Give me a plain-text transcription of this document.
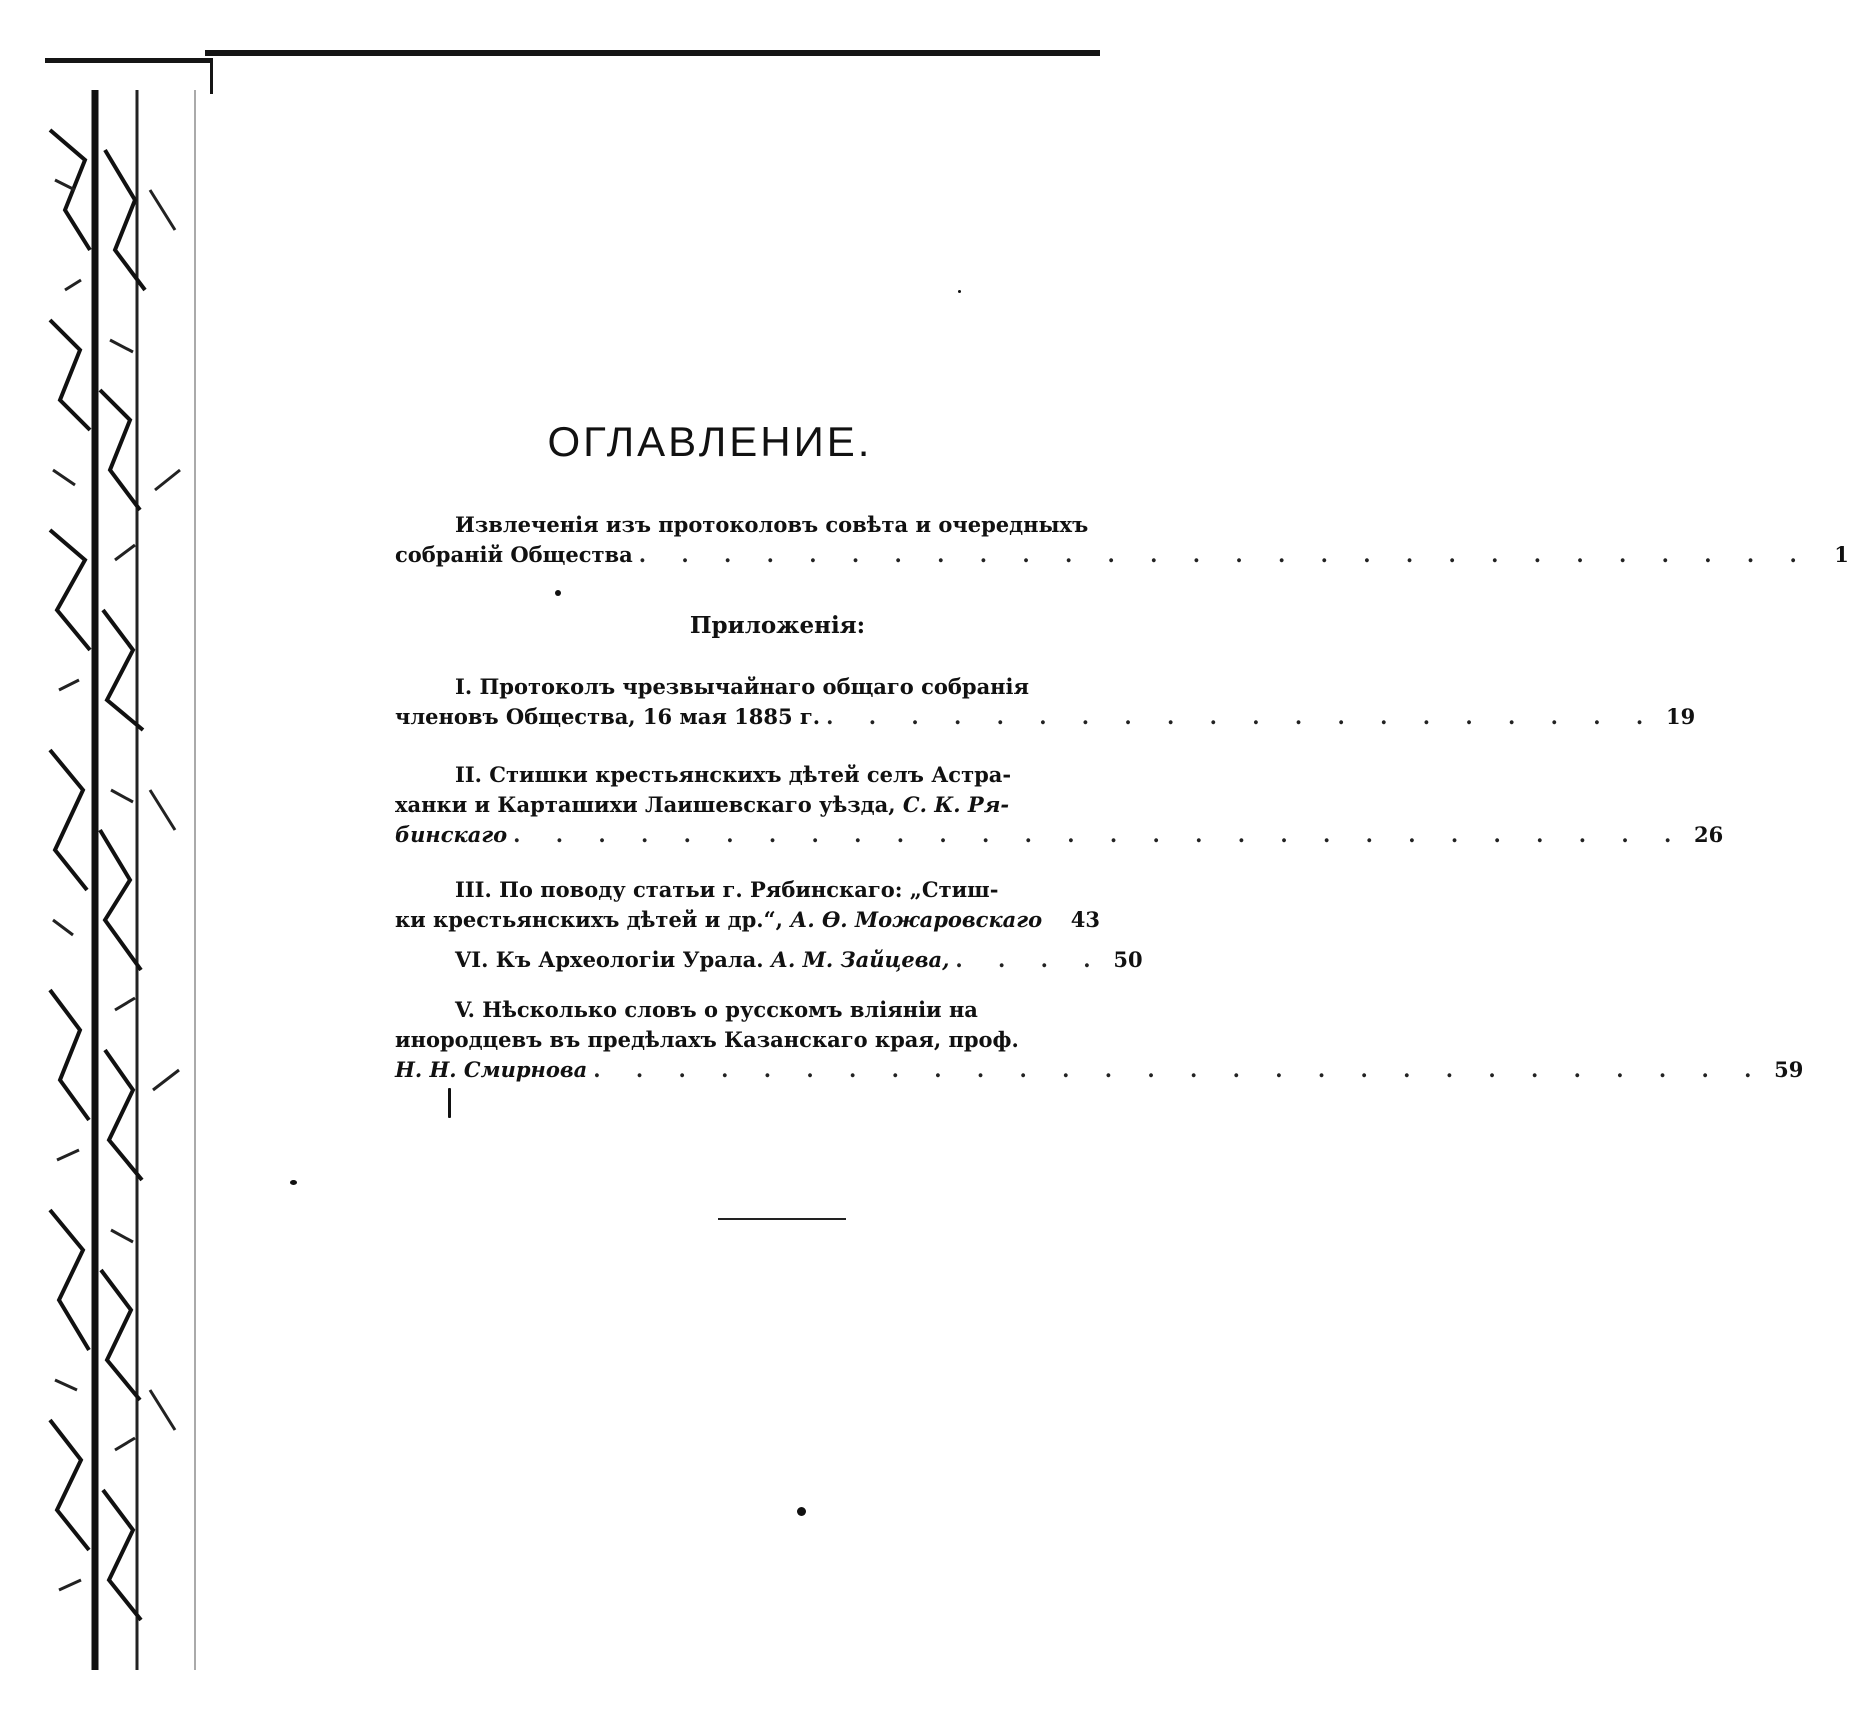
ОГЛАВЛЕНИЕ.
Извлеченія изъ протоколовъ совѣта и очередныхъ
собраній Общества . . . . . . . . . . . . . . . . . . . . . . . . . . . .	1
Приложенія:
I. Протоколъ чрезвычайнаго общаго собранія
членовъ Общества, 16 мая 1885 г. . . . . . . . . . . . . . . . . . . . . 19
II. Стишки крестьянскихъ дѣтей селъ Астра-
ханки и Карташихи Лаишевскаго уѣзда,
С. К. Ря-
бинскаго . . . . . . . . . . . . . . . . . . . . . . . . . . . . 26
III. По поводу статьи г. Рябинскаго: „Стиш-
ки крестьянскихъ дѣтей и др.“,
А. Ѳ. Можаровскаго 43
VI. Къ Археологіи Урала.
А. М. Зайцева, . . . . 50
V. Нѣсколько словъ о русскомъ вліяніи на
инородцевъ въ предѣлахъ Казанскаго края, проф.
Н. Н. Смирнова . . . . . . . . . . . . . . . . . . . . . . . . . . . . 59
